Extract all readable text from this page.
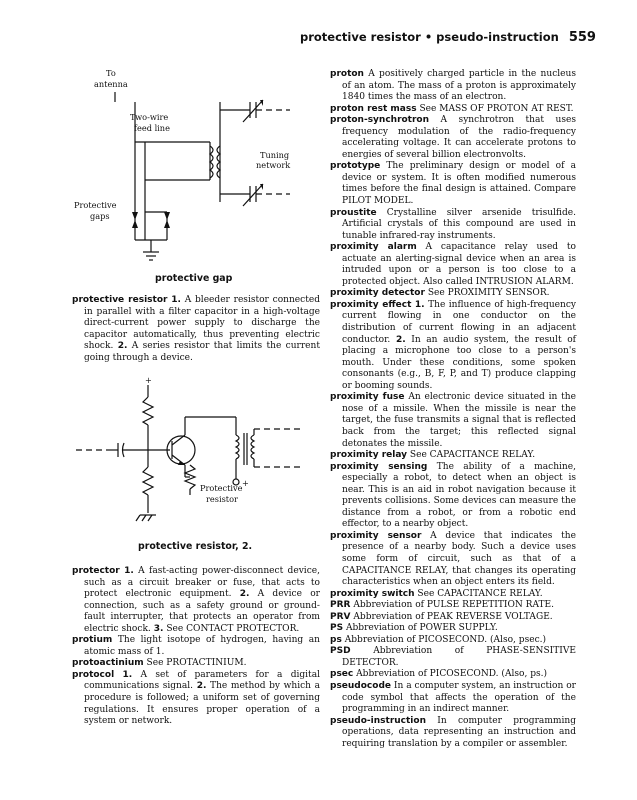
protective resistor • pseudo-instruction 559
To
antenna
Two-wire
feed line
Tuning
network
Protective
gaps
protective gap

protective resistor 1. A bleeder resistor connected in parallel with a filter capacitor in a high-voltage direct-current power supply to discharge the capacitor automatically, thus preventing electric shock. 2. A series resistor that limits the current going through a device.

+
+
Protective
resistor
protective resistor, 2.

protector 1. A fast-acting power-disconnect device, such as a circuit breaker or fuse, that acts to protect electronic equipment. 2. A device or connection, such as a safety ground or ground-fault interrupter, that protects an operator from electric shock. 3. See CONTACT PROTECTOR.

protium The light isotope of hydrogen, having an atomic mass of 1.

protoactinium See PROTACTINIUM.

protocol 1. A set of parameters for a digital communications signal. 2. The method by which a procedure is followed; a uniform set of governing regulations. It ensures proper operation of a system or network.

proton A positively charged particle in the nucleus of an atom. The mass of a proton is approximately 1840 times the mass of an electron.

proton rest mass See MASS OF PROTON AT REST.

proton-synchrotron A synchrotron that uses frequency modulation of the radio-frequency accelerating voltage. It can accelerate protons to energies of several billion electronvolts.

prototype The preliminary design or model of a device or system. It is often modified numerous times before the final design is attained. Compare PILOT MODEL.

proustite Crystalline silver arsenide trisulfide. Artificial crystals of this compound are used in tunable infrared-ray instruments.

proximity alarm A capacitance relay used to actuate an alerting-signal device when an area is intruded upon or a person is too close to a protected object. Also called INTRUSION ALARM.

proximity detector See PROXIMITY SENSOR.

proximity effect 1. The influence of high-frequency current flowing in one conductor on the distribution of current flowing in an adjacent conductor. 2. In an audio system, the result of placing a microphone too close to a person's mouth. Under these conditions, some spoken consonants (e.g., B, F, P, and T) produce clapping or booming sounds.

proximity fuse An electronic device situated in the nose of a missile. When the missile is near the target, the fuse transmits a signal that is reflected back from the target; this reflected signal detonates the missile.

proximity relay See CAPACITANCE RELAY.

proximity sensing The ability of a machine, especially a robot, to detect when an object is near. This is an aid in robot navigation because it prevents collisions. Some devices can measure the distance from a robot, or from a robotic end effector, to a nearby object.

proximity sensor A device that indicates the presence of a nearby body. Such a device uses some form of circuit, such as that of a CAPACITANCE RELAY, that changes its operating characteristics when an object enters its field.

proximity switch See CAPACITANCE RELAY.

PRR Abbreviation of PULSE REPETITION RATE.

PRV Abbreviation of PEAK REVERSE VOLTAGE.

PS Abbreviation of POWER SUPPLY.

ps Abbreviation of PICOSECOND. (Also, psec.)

PSD	Abbreviation of PHASE-SENSITIVE DETECTOR.

psec Abbreviation of PICOSECOND. (Also, ps.)

pseudocode In a computer system, an instruction or code symbol that affects the operation of the programming in an indirect manner.

pseudo-instruction In computer programming operations, data representing an instruction and requiring translation by a compiler or assembler.
